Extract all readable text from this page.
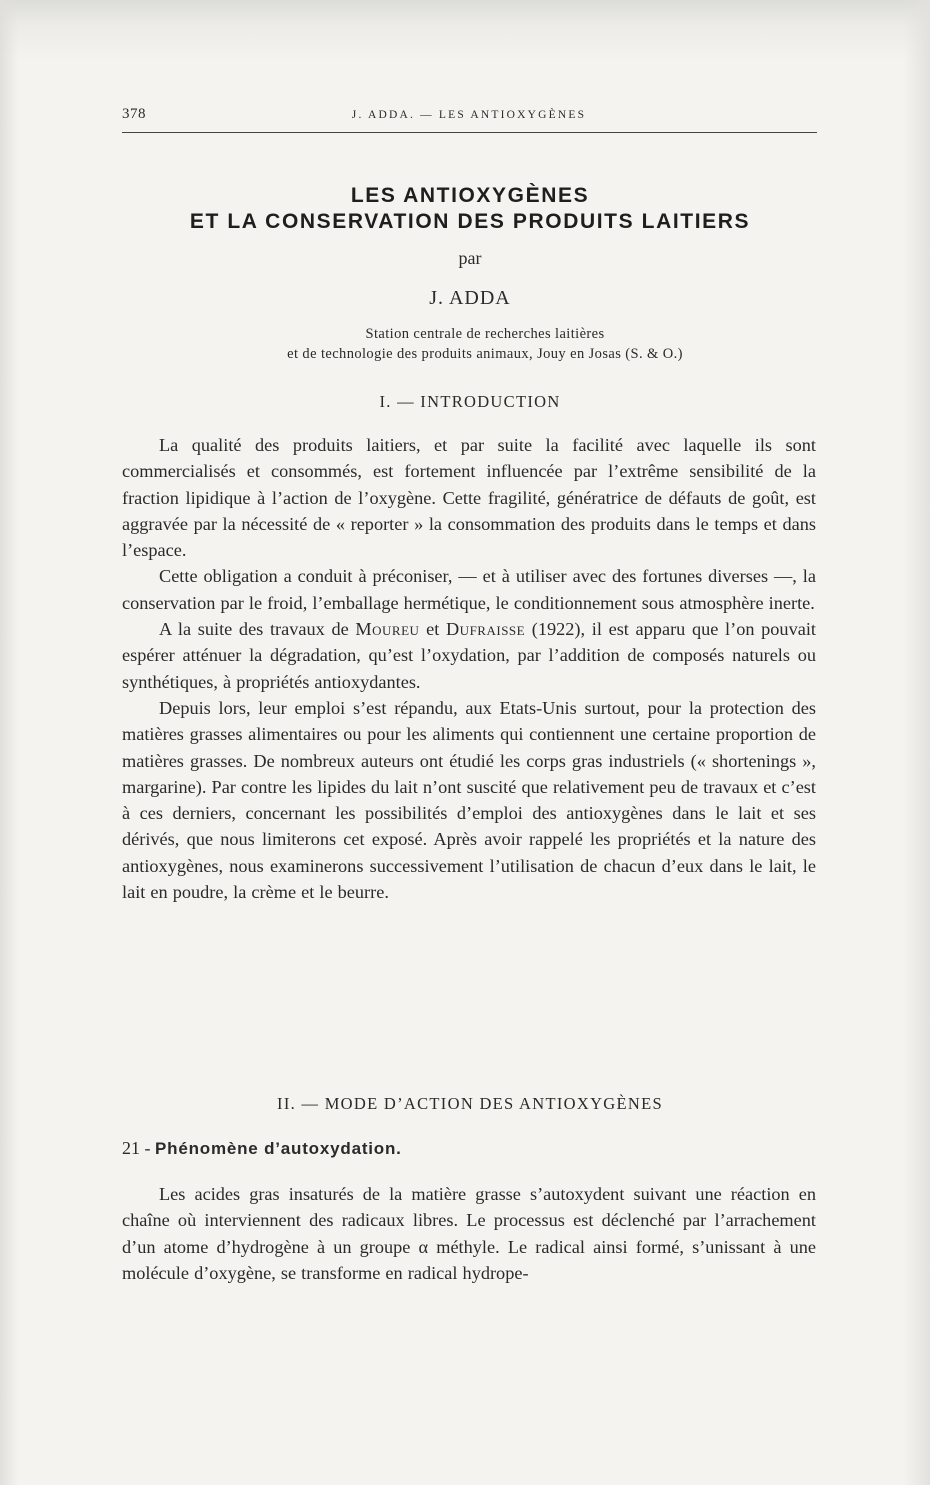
378	J. ADDA. — LES ANTIOXYGÈNES
LES ANTIOXYGÈNES
ET LA CONSERVATION DES PRODUITS LAITIERS
par
J. ADDA
Station centrale de recherches laitières
et de technologie des produits animaux, Jouy en Josas (S. & O.)
I. — INTRODUCTION

La qualité des produits laitiers, et par suite la facilité avec laquelle ils sont commercialisés et consommés, est fortement influencée par l’extrême sensibilité de la fraction lipidique à l’action de l’oxygène. Cette fragilité, génératrice de défauts de goût, est aggravée par la nécessité de « reporter » la consommation des produits dans le temps et dans l’espace.

Cette obligation a conduit à préconiser, — et à utiliser avec des fortunes diverses —, la conservation par le froid, l’emballage hermétique, le conditionnement sous atmosphère inerte.

A la suite des travaux de Moureu et Dufraisse (1922), il est apparu que l’on pouvait espérer atténuer la dégradation, qu’est l’oxydation, par l’addition de composés naturels ou synthétiques, à propriétés antioxydantes.

Depuis lors, leur emploi s’est répandu, aux Etats-Unis surtout, pour la protection des matières grasses alimentaires ou pour les aliments qui contiennent une certaine proportion de matières grasses. De nombreux auteurs ont étudié les corps gras industriels (« shortenings », margarine). Par contre les lipides du lait n’ont suscité que relativement peu de travaux et c’est à ces derniers, concernant les possibilités d’emploi des antioxygènes dans le lait et ses dérivés, que nous limiterons cet exposé. Après avoir rappelé les propriétés et la nature des antioxygènes, nous examinerons successivement l’utilisation de chacun d’eux dans le lait, le lait en poudre, la crème et le beurre.

II. — MODE D’ACTION DES ANTIOXYGÈNES
21 - Phénomène d’autoxydation.

Les acides gras insaturés de la matière grasse s’autoxydent suivant une réaction en chaîne où interviennent des radicaux libres. Le processus est déclenché par l’arrachement d’un atome d’hydrogène à un groupe α méthyle. Le radical ainsi formé, s’unissant à une molécule d’oxygène, se transforme en radical hydrope-
